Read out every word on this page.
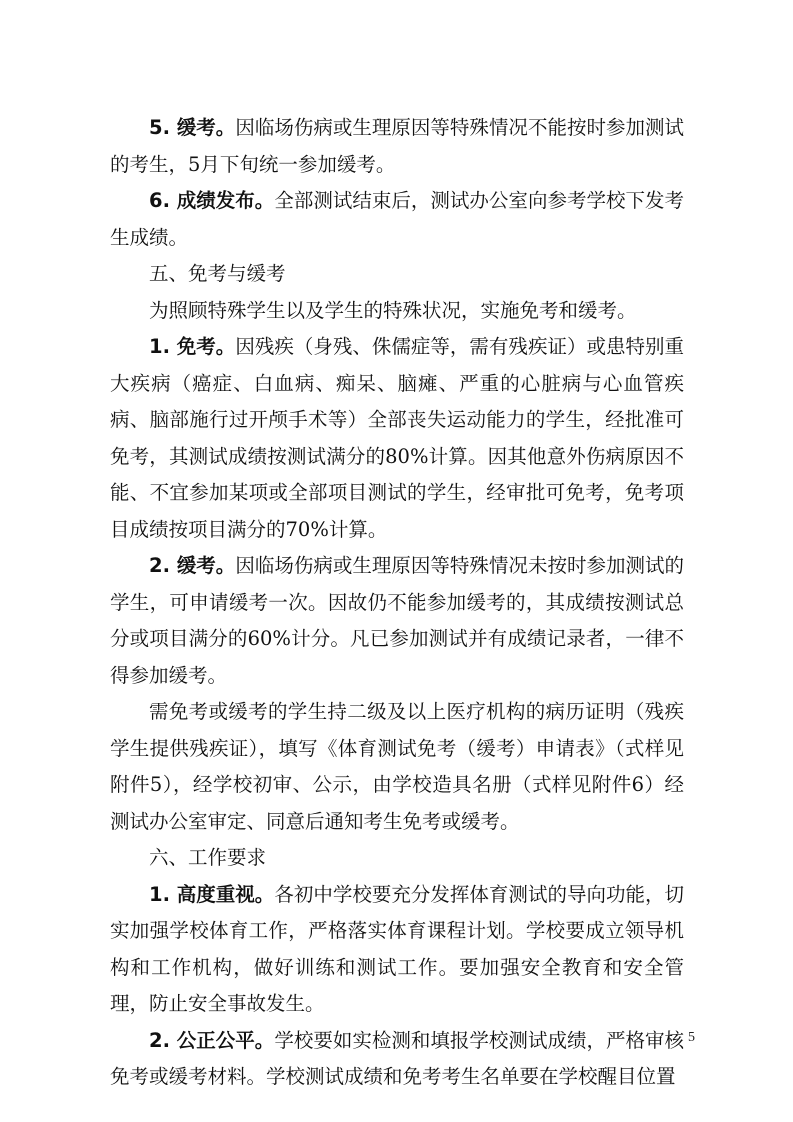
5. 缓考。因临场伤病或生理原因等特殊情况不能按时参加测试的考生，5月下旬统一参加缓考。

6. 成绩发布。全部测试结束后，测试办公室向参考学校下发考生成绩。

五、免考与缓考

为照顾特殊学生以及学生的特殊状况，实施免考和缓考。

1. 免考。因残疾（身残、侏儒症等，需有残疾证）或患特别重大疾病（癌症、白血病、痴呆、脑瘫、严重的心脏病与心血管疾病、脑部施行过开颅手术等）全部丧失运动能力的学生，经批准可免考，其测试成绩按测试满分的80%计算。因其他意外伤病原因不能、不宜参加某项或全部项目测试的学生，经审批可免考，免考项目成绩按项目满分的70%计算。

2. 缓考。因临场伤病或生理原因等特殊情况未按时参加测试的学生，可申请缓考一次。因故仍不能参加缓考的，其成绩按测试总分或项目满分的60%计分。凡已参加测试并有成绩记录者，一律不得参加缓考。

需免考或缓考的学生持二级及以上医疗机构的病历证明（残疾学生提供残疾证），填写《体育测试免考（缓考）申请表》（式样见附件5），经学校初审、公示，由学校造具名册（式样见附件6）经测试办公室审定、同意后通知考生免考或缓考。

六、工作要求

1. 高度重视。各初中学校要充分发挥体育测试的导向功能，切实加强学校体育工作，严格落实体育课程计划。学校要成立领导机构和工作机构，做好训练和测试工作。要加强安全教育和安全管理，防止安全事故发生。

2. 公正公平。学校要如实检测和填报学校测试成绩，严格审核免考或缓考材料。学校测试成绩和免考考生名单要在学校醒目位置

5
